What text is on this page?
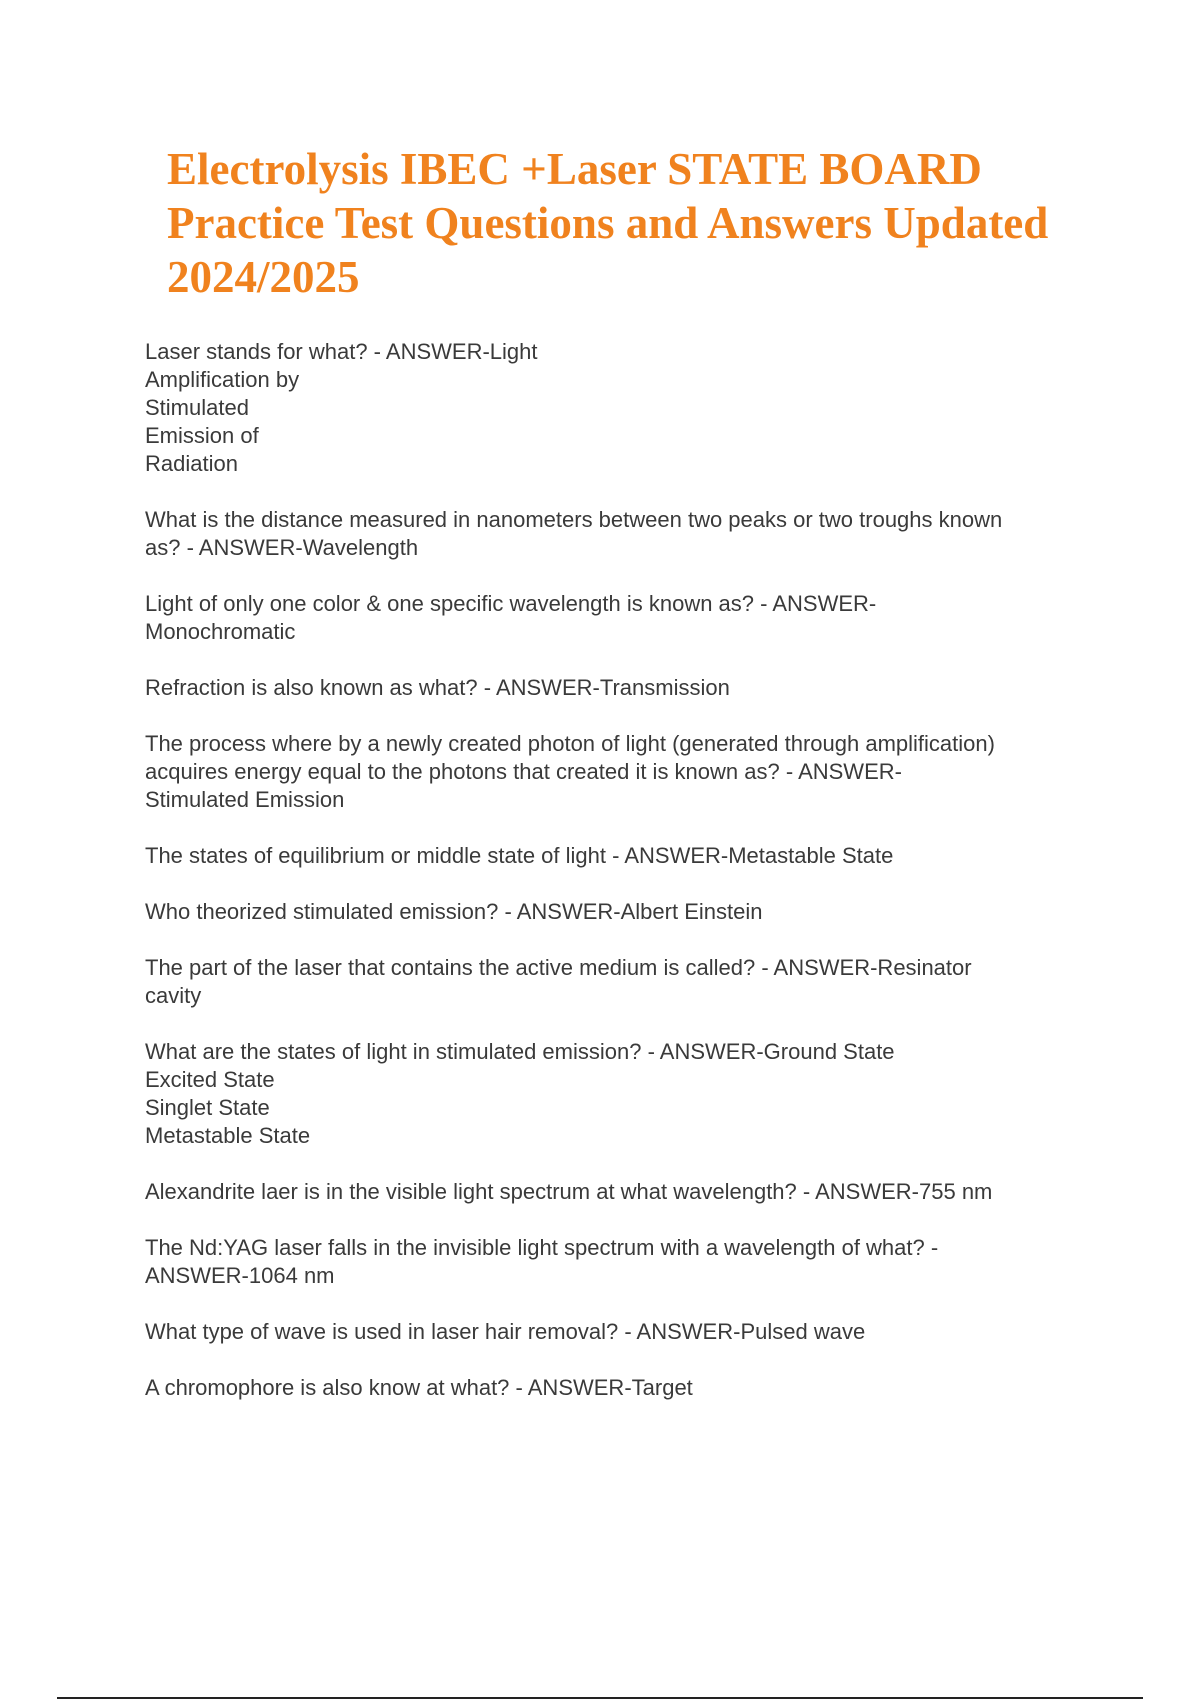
Electrolysis IBEC +Laser STATE BOARD Practice Test Questions and Answers Updated 2024/2025

Laser stands for what? - ANSWER-Light
Amplification by
Stimulated
Emission of
Radiation

What is the distance measured in nanometers between two peaks or two troughs known
as? - ANSWER-Wavelength

Light of only one color & one specific wavelength is known as? - ANSWER-
Monochromatic

Refraction is also known as what? - ANSWER-Transmission

The process where by a newly created photon of light (generated through amplification)
acquires energy equal to the photons that created it is known as? - ANSWER-
Stimulated Emission

The states of equilibrium or middle state of light - ANSWER-Metastable State

Who theorized stimulated emission? - ANSWER-Albert Einstein

The part of the laser that contains the active medium is called? - ANSWER-Resinator
cavity

What are the states of light in stimulated emission? - ANSWER-Ground State
Excited State
Singlet State
Metastable State

Alexandrite laer is in the visible light spectrum at what wavelength? - ANSWER-755 nm

The Nd:YAG laser falls in the invisible light spectrum with a wavelength of what? -
ANSWER-1064 nm

What type of wave is used in laser hair removal? - ANSWER-Pulsed wave

A chromophore is also know at what? - ANSWER-Target
